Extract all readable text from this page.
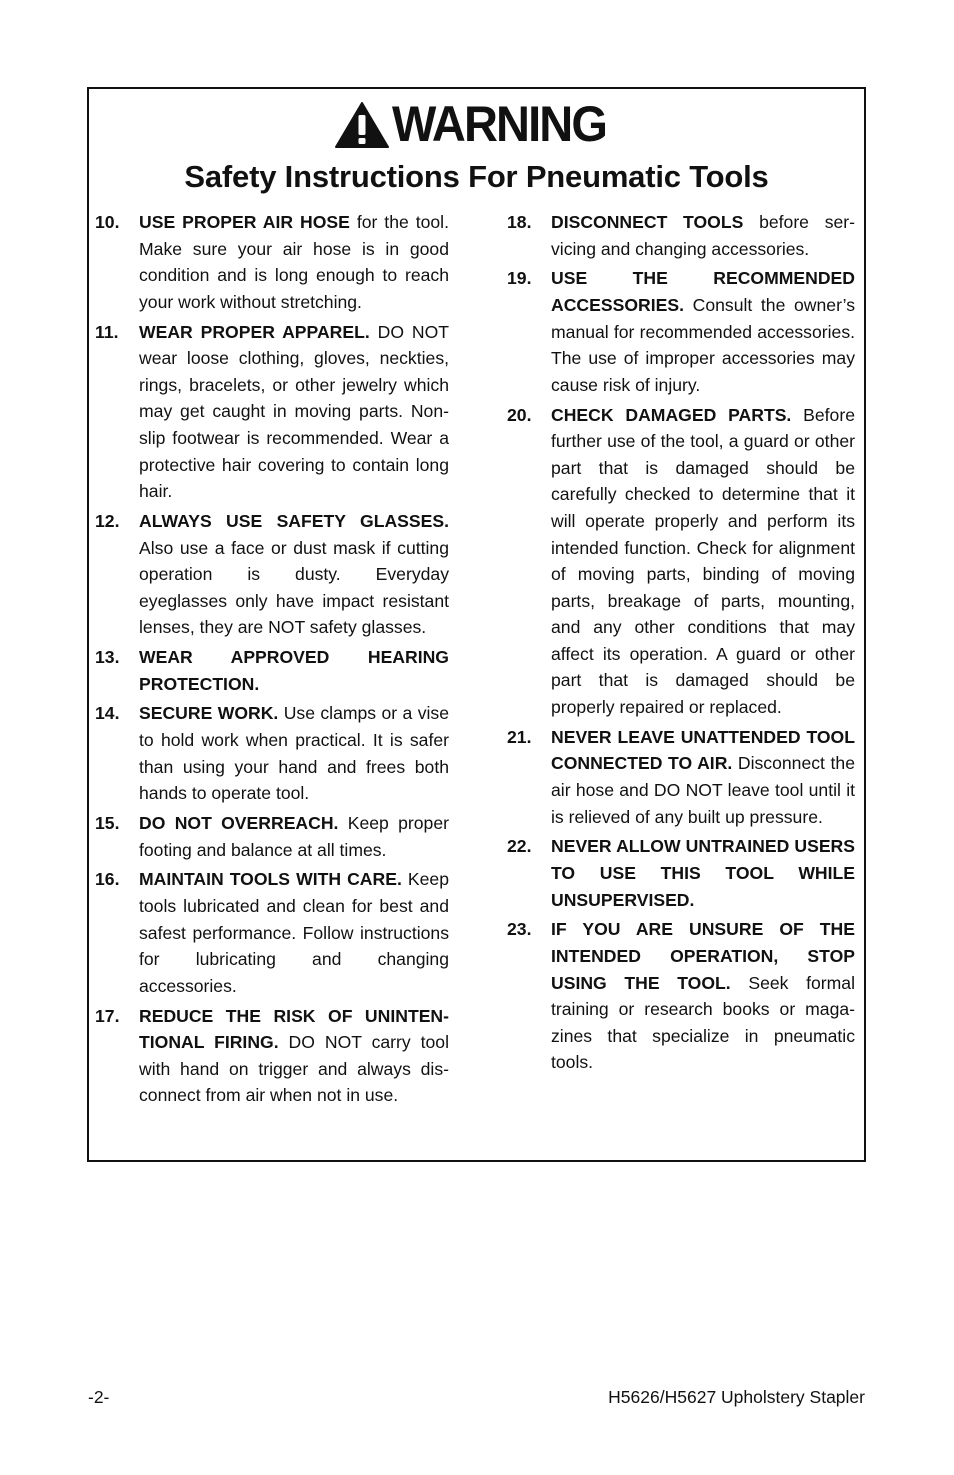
WARNING
Safety Instructions For Pneumatic Tools
10.	USE PROPER AIR HOSE for the tool. Make sure your air hose is in good condition and is long enough to reach your work without stretching.
11.	WEAR PROPER APPAREL. DO NOT wear loose clothing, gloves, neckties, rings, bracelets, or other jewelry which may get caught in moving parts. Non-slip footwear is recommended. Wear a protective hair covering to contain long hair.
12.	ALWAYS USE SAFETY GLASSES. Also use a face or dust mask if cutting operation is dusty. Everyday eyeglasses only have impact resistant lenses, they are NOT safety glasses.
13.	WEAR APPROVED HEARING PROTECTION.
14.	SECURE WORK. Use clamps or a vise to hold work when practical. It is safer than using your hand and frees both hands to operate tool.
15.	DO NOT OVERREACH. Keep proper footing and balance at all times.
16.	MAINTAIN TOOLS WITH CARE. Keep tools lubricated and clean for best and safest performance. Follow instructions for lubricating and changing accessories.
17.	REDUCE THE RISK OF UNINTENTIONAL FIRING. DO NOT carry tool with hand on trigger and always disconnect from air when not in use.
18.	DISCONNECT TOOLS before servicing and changing accessories.
19.	USE THE RECOMMENDED ACCESSORIES. Consult the owner’s manual for recommended accessories. The use of improper accessories may cause risk of injury.
20.	CHECK DAMAGED PARTS. Before further use of the tool, a guard or other part that is damaged should be carefully checked to determine that it will operate properly and perform its intended function. Check for alignment of moving parts, binding of moving parts, breakage of parts, mounting, and any other conditions that may affect its operation. A guard or other part that is damaged should be properly repaired or replaced.
21.	NEVER LEAVE UNATTENDED TOOL CONNECTED TO AIR. Disconnect the air hose and DO NOT leave tool until it is relieved of any built up pressure.
22.	NEVER ALLOW UNTRAINED USERS TO USE THIS TOOL WHILE UNSUPERVISED.
23.	IF YOU ARE UNSURE OF THE INTENDED OPERATION, STOP USING THE TOOL. Seek formal training or research books or magazines that specialize in pneumatic tools.
-2-	H5626/H5627 Upholstery Stapler
